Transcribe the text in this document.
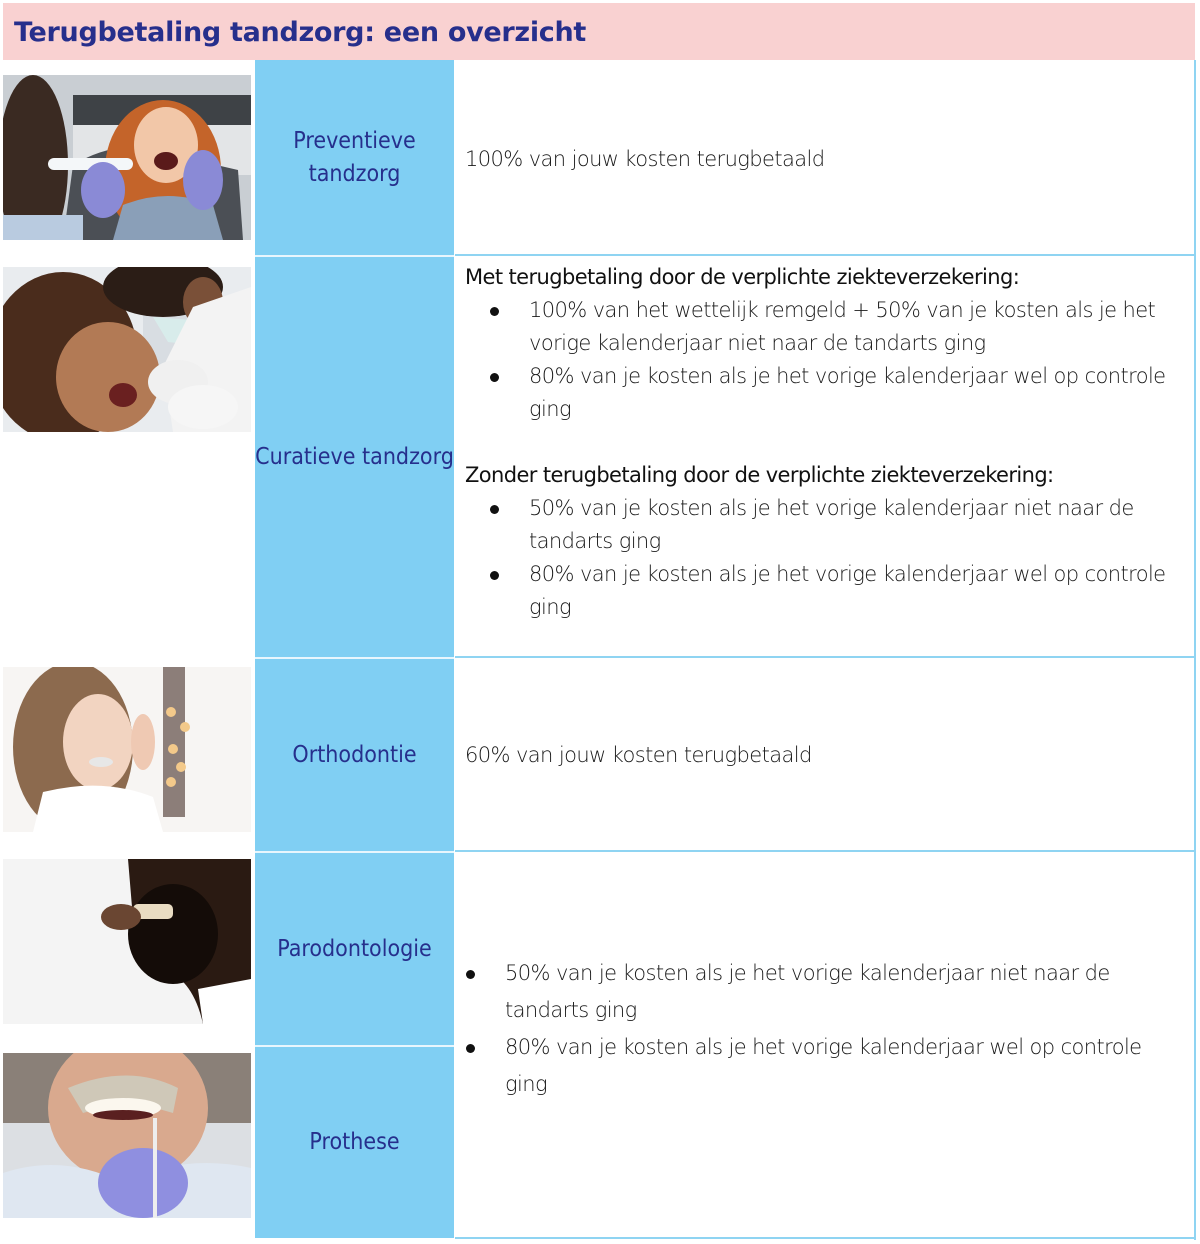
Terugbetaling tandzorg: een overzicht
Preventieve tandzorg
Curatieve tandzorg
Orthodontie
Parodontologie
Prothese
100% van jouw kosten terugbetaald
Met terugbetaling door de verplichte ziekteverzekering:
100% van het wettelijk remgeld + 50% van je kosten als je het vorige kalenderjaar niet naar de tandarts ging
80% van je kosten als je het vorige kalenderjaar wel op controle ging
Zonder terugbetaling door de verplichte ziekteverzekering:
50% van je kosten als je het vorige kalenderjaar niet naar de tandarts ging
80% van je kosten als je het vorige kalenderjaar wel op controle ging
60% van jouw kosten terugbetaald
50% van je kosten als je het vorige kalenderjaar niet naar de tandarts ging
80% van je kosten als je het vorige kalenderjaar wel op controle ging
